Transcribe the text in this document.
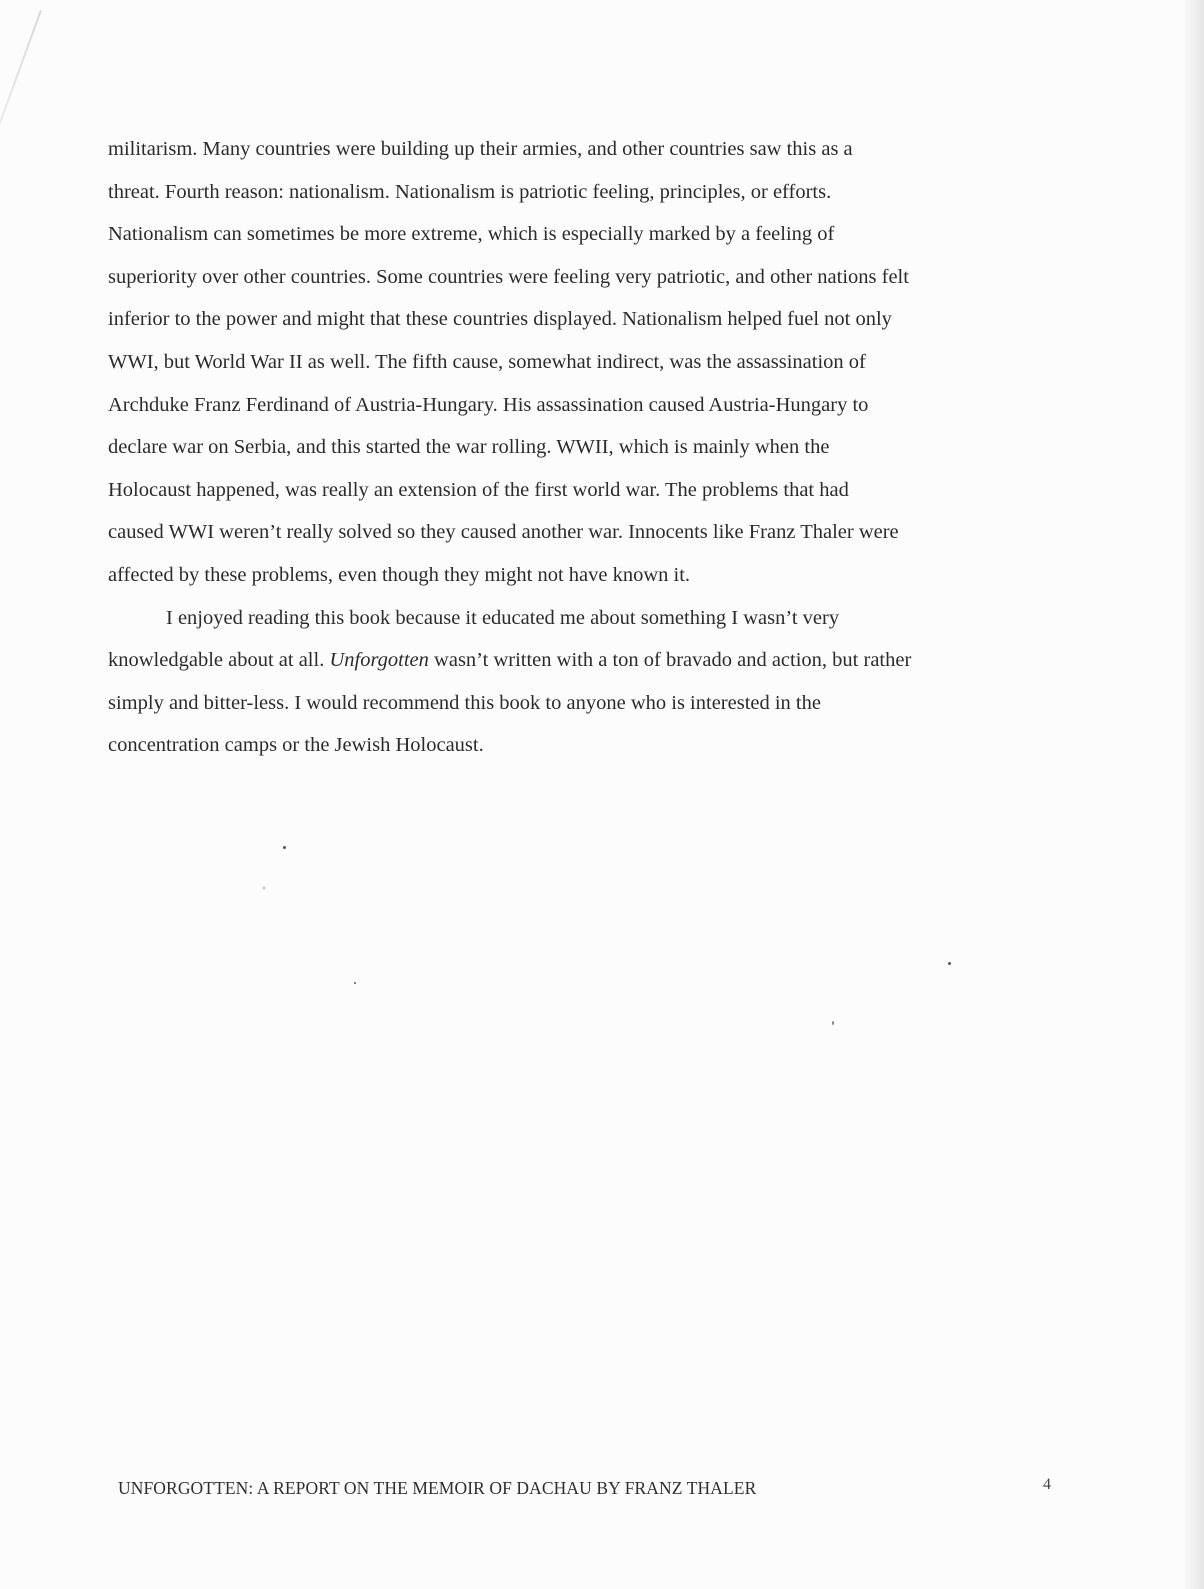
militarism. Many countries were building up their armies, and other countries saw this as a
threat. Fourth reason: nationalism. Nationalism is patriotic feeling, principles, or efforts.
Nationalism can sometimes be more extreme, which is especially marked by a feeling of
superiority over other countries. Some countries were feeling very patriotic, and other nations felt
inferior to the power and might that these countries displayed. Nationalism helped fuel not only
WWI, but World War II as well. The fifth cause, somewhat indirect, was the assassination of
Archduke Franz Ferdinand of Austria-Hungary. His assassination caused Austria-Hungary to
declare war on Serbia, and this started the war rolling. WWII, which is mainly when the
Holocaust happened, was really an extension of the first world war. The problems that had
caused WWI weren’t really solved so they caused another war. Innocents like Franz Thaler were
affected by these problems, even though they might not have known it.
I enjoyed reading this book because it educated me about something I wasn’t very
knowledgable about at all. Unforgotten wasn’t written with a ton of bravado and action, but rather
simply and bitter-less. I would recommend this book to anyone who is interested in the
concentration camps or the Jewish Holocaust.
UNFORGOTTEN: A REPORT ON THE MEMOIR OF DACHAU BY FRANZ THALER	4
